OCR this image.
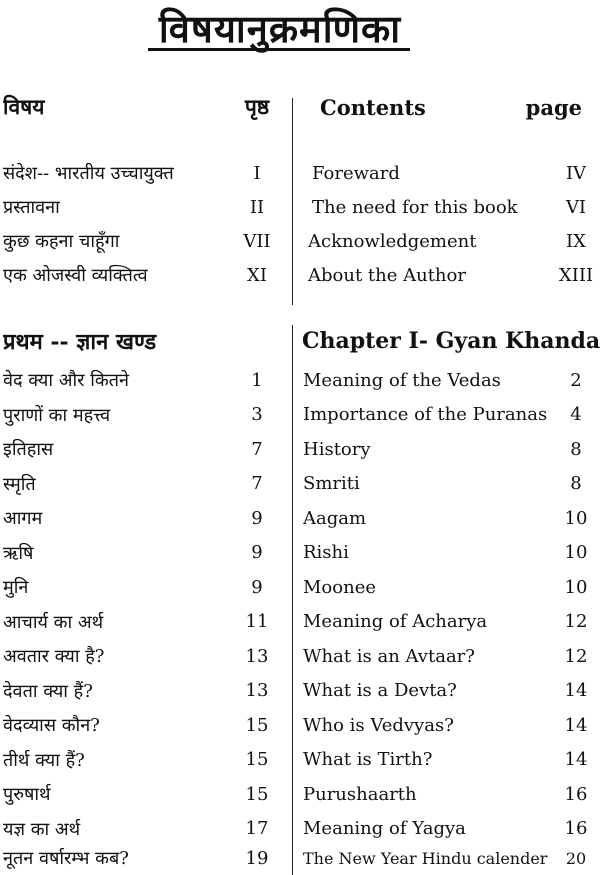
विषयानुक्रमणिका
विषय	पृष्ठ
संदेश-- भारतीय उच्चायुक्त	I
प्रस्तावना	II
कुछ कहना चाहूँगा	VII
एक ओजस्वी व्यक्तित्व	XI
प्रथम -- ज्ञान खण्ड
वेद क्या और कितने	1
पुराणों का महत्त्व	3
इतिहास	7
स्मृति	7
आगम	9
ऋषि	9
मुनि	9
आचार्य का अर्थ	11
अवतार क्या है?	13
देवता क्या हैं?	13
वेदव्यास कौन?	15
तीर्थ क्या हैं?	15
पुरुषार्थ	15
यज्ञ का अर्थ	17
नूतन वर्षारम्भ कब?	19
Contents	page
Foreward	IV
The need for this book	VI
Acknowledgement	IX
About the Author	XIII
Chapter I- Gyan Khanda
Meaning of the Vedas	2
Importance of the Puranas	4
History	8
Smriti	8
Aagam	10
Rishi	10
Moonee	10
Meaning of Acharya	12
What is an Avtaar?	12
What is a Devta?	14
Who is Vedvyas?	14
What is Tirth?	14
Purushaarth	16
Meaning of Yagya	16
The New Year Hindu calender	20
